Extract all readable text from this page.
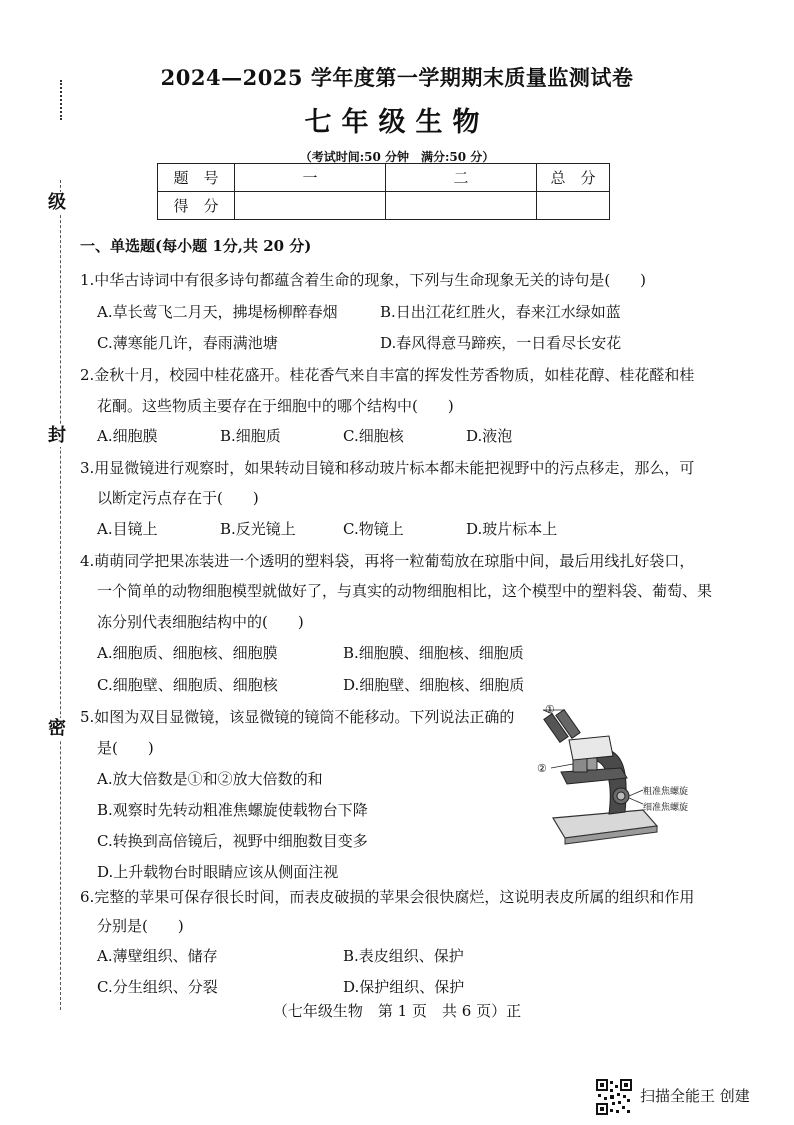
级
封
密
2024—2025 学年度第一学期期末质量监测试卷
七年级生物
（考试时间:50 分钟　满分:50 分）
题　号	一	二	总　分
得　分			
一、单选题(每小题 1分,共 20 分)
1.中华古诗词中有很多诗句都蕴含着生命的现象，下列与生命现象无关的诗句是(　　)
A.草长莺飞二月天，拂堤杨柳醉春烟	B.日出江花红胜火，春来江水绿如蓝
C.薄寒能几许，春雨满池塘	D.春风得意马蹄疾，一日看尽长安花
2.金秋十月，校园中桂花盛开。桂花香气来自丰富的挥发性芳香物质，如桂花醇、桂花醛和桂
花酮。这些物质主要存在于细胞中的哪个结构中(　　)
A.细胞膜	B.细胞质	C.细胞核	D.液泡
3.用显微镜进行观察时，如果转动目镜和移动玻片标本都未能把视野中的污点移走，那么，可
以断定污点存在于(　　)
A.目镜上	B.反光镜上	C.物镜上	D.玻片标本上
4.萌萌同学把果冻装进一个透明的塑料袋，再将一粒葡萄放在琼脂中间，最后用线扎好袋口，
一个简单的动物细胞模型就做好了，与真实的动物细胞相比，这个模型中的塑料袋、葡萄、果
冻分别代表细胞结构中的(　　)
A.细胞质、细胞核、细胞膜	B.细胞膜、细胞核、细胞质
C.细胞壁、细胞质、细胞核	D.细胞壁、细胞核、细胞质
5.如图为双目显微镜，该显微镜的镜筒不能移动。下列说法正确的
是(　　)
A.放大倍数是①和②放大倍数的和
B.观察时先转动粗准焦螺旋使载物台下降
C.转换到高倍镜后，视野中细胞数目变多
D.上升载物台时眼睛应该从侧面注视
①
②
粗准焦螺旋
细准焦螺旋
6.完整的苹果可保存很长时间，而表皮破损的苹果会很快腐烂，这说明表皮所属的组织和作用
分别是(　　)
A.薄壁组织、储存	B.表皮组织、保护
C.分生组织、分裂	D.保护组织、保护
（七年级生物　第 1 页　共 6 页）正
扫描全能王 创建
